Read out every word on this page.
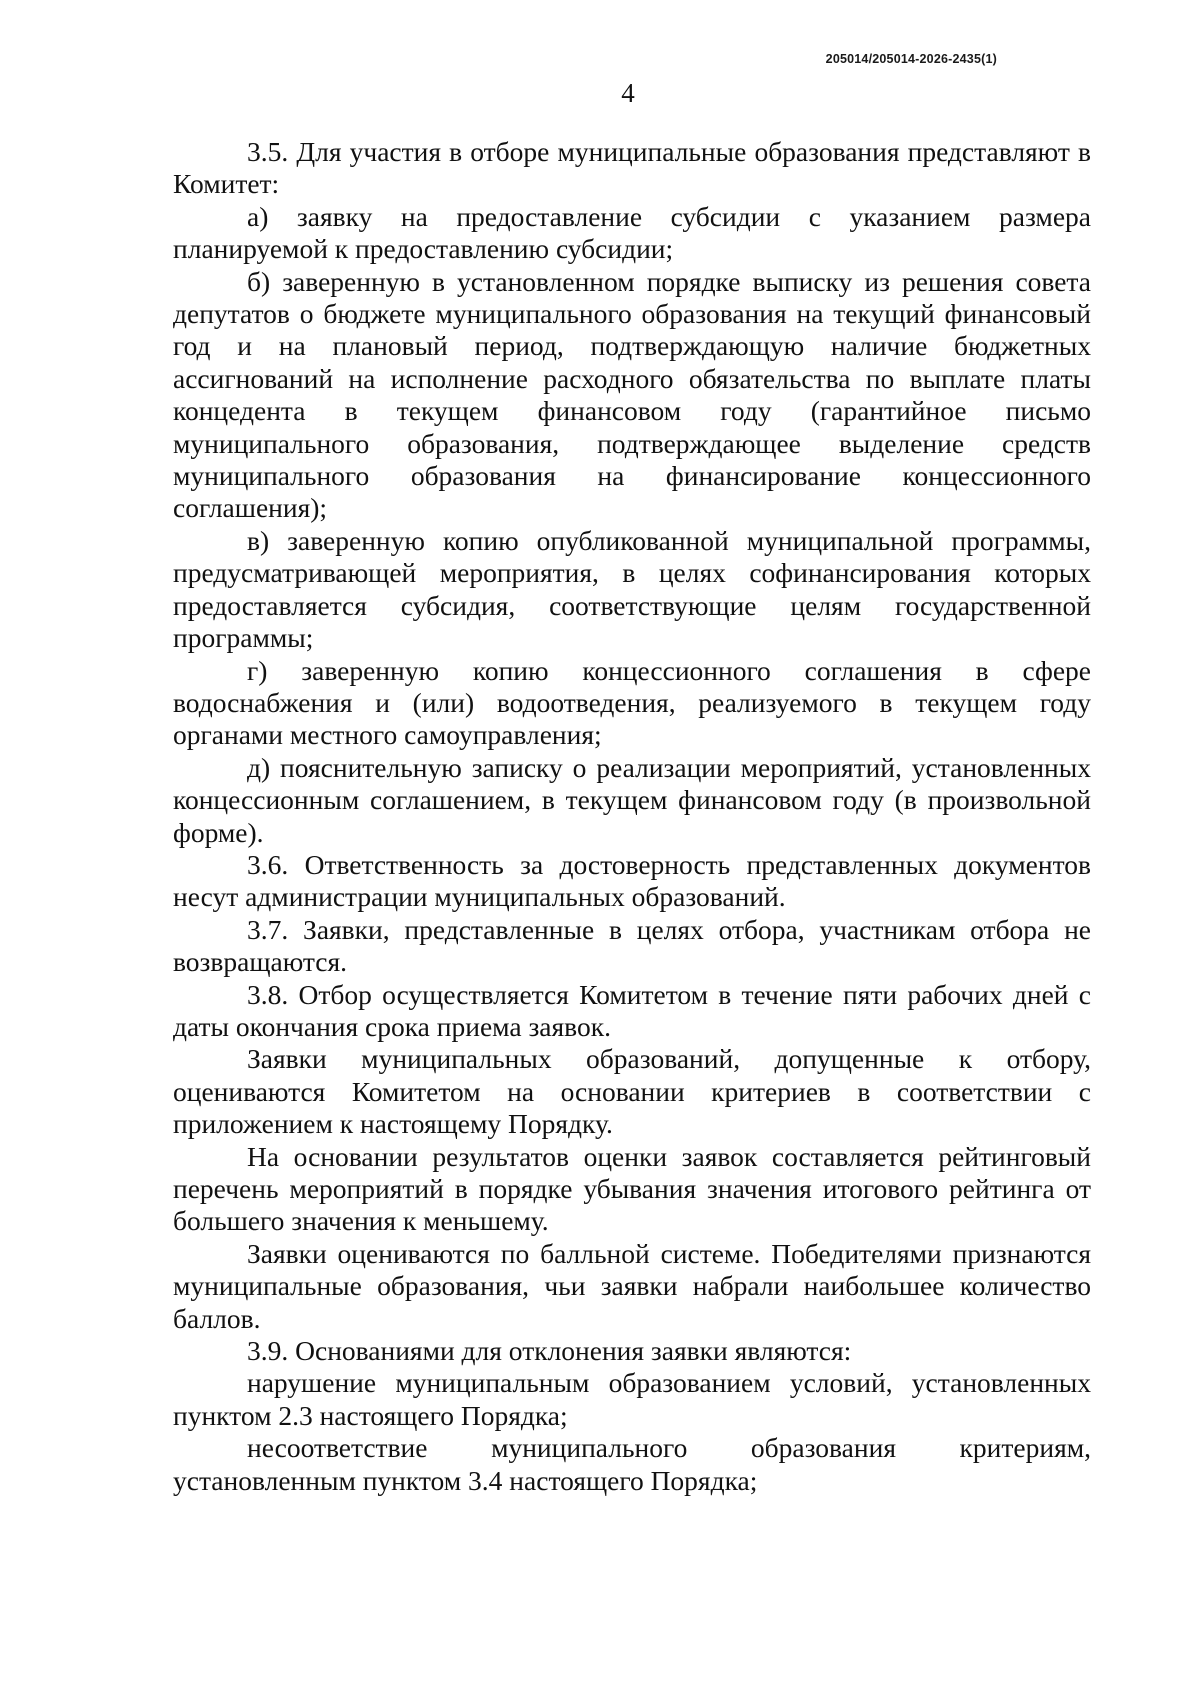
205014/205014-2026-2435(1)
4

3.5. Для участия в отборе муниципальные образования представляют в Комитет:

а) заявку на предоставление субсидии с указанием размера планируемой к предоставлению субсидии;

б) заверенную в установленном порядке выписку из решения совета депутатов о бюджете муниципального образования на текущий финансовый год и на плановый период, подтверждающую наличие бюджетных ассигнований на исполнение расходного обязательства по выплате платы концедента в текущем финансовом году (гарантийное письмо муниципального образования, подтверждающее выделение средств муниципального образования на финансирование концессионного соглашения);

в) заверенную копию опубликованной муниципальной программы, предусматривающей мероприятия, в целях софинансирования которых предоставляется субсидия, соответствующие целям государственной программы;

г) заверенную копию концессионного соглашения в сфере водоснабжения и (или) водоотведения, реализуемого в текущем году органами местного самоуправления;

д) пояснительную записку о реализации мероприятий, установленных концессионным соглашением, в текущем финансовом году (в произвольной форме).

3.6. Ответственность за достоверность представленных документов несут администрации муниципальных образований.

3.7. Заявки, представленные в целях отбора, участникам отбора не возвращаются.

3.8. Отбор осуществляется Комитетом в течение пяти рабочих дней с даты окончания срока приема заявок.

Заявки муниципальных образований, допущенные к отбору, оцениваются Комитетом на основании критериев в соответствии с приложением к настоящему Порядку.

На основании результатов оценки заявок составляется рейтинговый перечень мероприятий в порядке убывания значения итогового рейтинга от большего значения к меньшему.

Заявки оцениваются по балльной системе. Победителями признаются муниципальные образования, чьи заявки набрали наибольшее количество баллов.

3.9. Основаниями для отклонения заявки являются:

нарушение муниципальным образованием условий, установленных пунктом 2.3 настоящего Порядка;

несоответствие муниципального образования критериям, установленным пунктом 3.4 настоящего Порядка;
